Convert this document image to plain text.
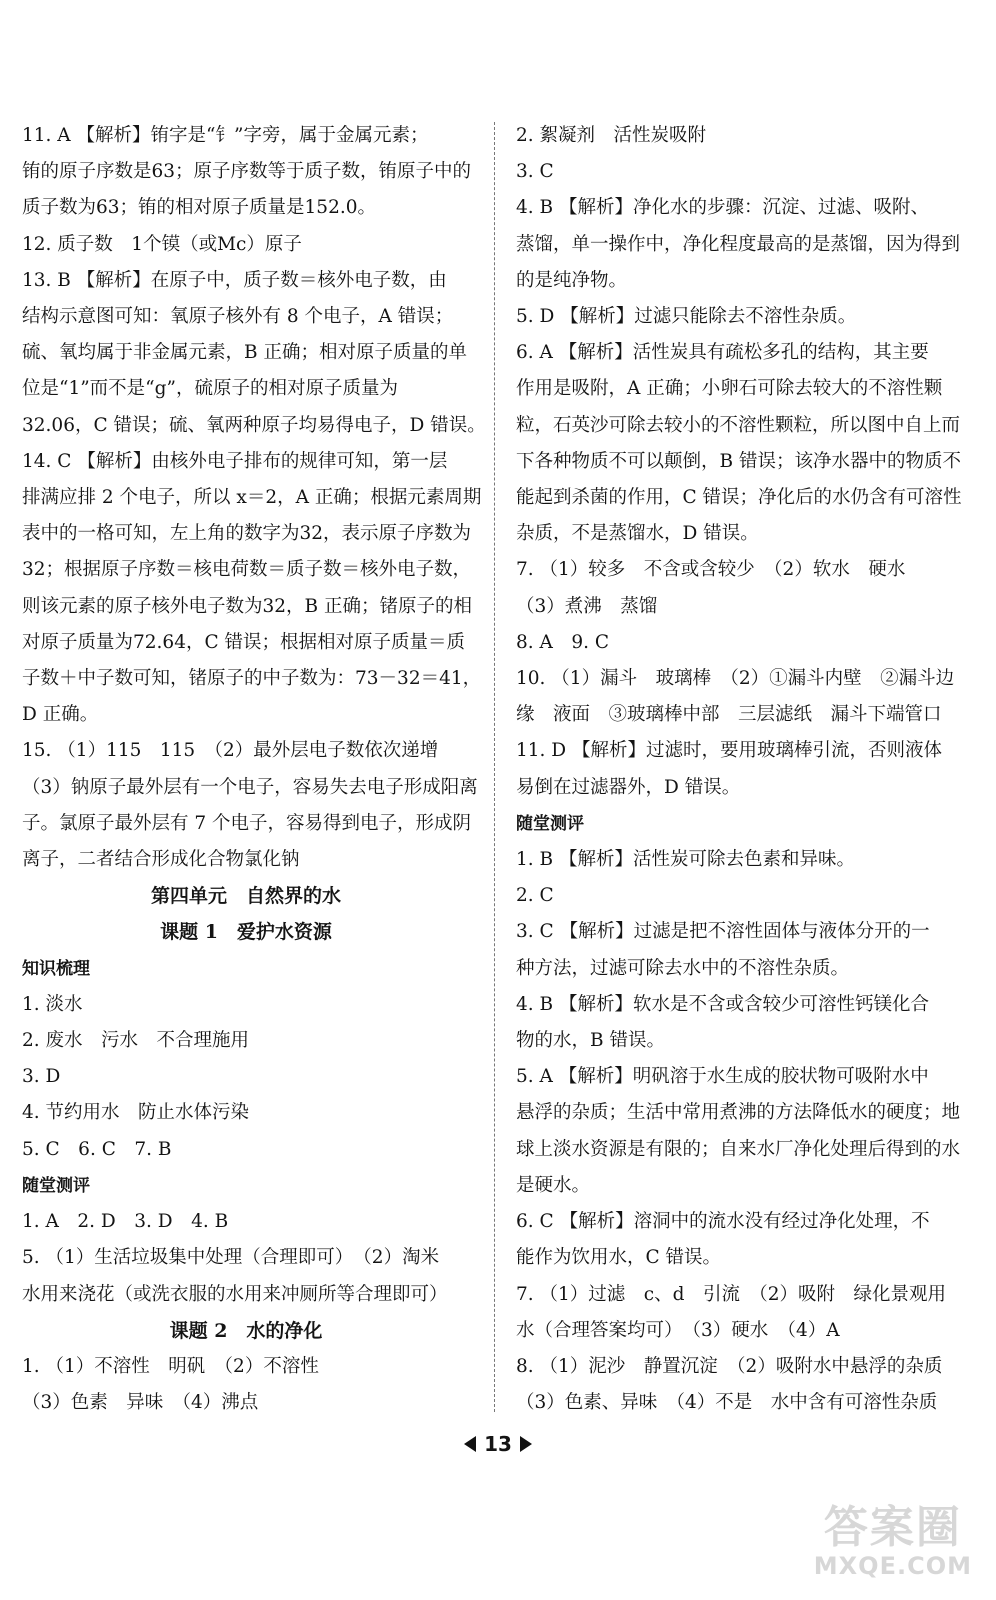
11. A 【解析】铕字是“钅”字旁，属于金属元素；

铕的原子序数是63；原子序数等于质子数，铕原子中的

质子数为63；铕的相对原子质量是152.0。

12. 质子数　1个镆（或Mc）原子

13. B 【解析】在原子中，质子数＝核外电子数，由

结构示意图可知：氧原子核外有 8 个电子，A 错误；

硫、氧均属于非金属元素，B 正确；相对原子质量的单

位是“1”而不是“g”，硫原子的相对原子质量为

32.06，C 错误；硫、氧两种原子均易得电子，D 错误。

14. C 【解析】由核外电子排布的规律可知，第一层

排满应排 2 个电子，所以 x＝2，A 正确；根据元素周期

表中的一格可知，左上角的数字为32，表示原子序数为

32；根据原子序数＝核电荷数＝质子数＝核外电子数，

则该元素的原子核外电子数为32，B 正确；锗原子的相

对原子质量为72.64，C 错误；根据相对原子质量＝质

子数＋中子数可知，锗原子的中子数为：73－32＝41，

D 正确。

15. （1）115　115　（2）最外层电子数依次递增

（3）钠原子最外层有一个电子，容易失去电子形成阳离

子。氯原子最外层有 7 个电子，容易得到电子，形成阴

离子，二者结合形成化合物氯化钠

第四单元　自然界的水

课题 1　爱护水资源

知识梳理

1. 淡水

2. 废水　污水　不合理施用

3. D

4. 节约用水　防止水体污染

5. C　6. C　7. B

随堂测评

1. A　2. D　3. D　4. B

5. （1）生活垃圾集中处理（合理即可）　（2）淘米

水用来浇花（或洗衣服的水用来冲厕所等合理即可）

课题 2　水的净化

1. （1）不溶性　明矾　（2）不溶性

（3）色素　异味　（4）沸点

2. 絮凝剂　活性炭吸附

3. C

4. B 【解析】净化水的步骤：沉淀、过滤、吸附、

蒸馏，单一操作中，净化程度最高的是蒸馏，因为得到

的是纯净物。

5. D 【解析】过滤只能除去不溶性杂质。

6. A 【解析】活性炭具有疏松多孔的结构，其主要

作用是吸附，A 正确；小卵石可除去较大的不溶性颗

粒，石英沙可除去较小的不溶性颗粒，所以图中自上而

下各种物质不可以颠倒，B 错误；该净水器中的物质不

能起到杀菌的作用，C 错误；净化后的水仍含有可溶性

杂质，不是蒸馏水，D 错误。

7. （1）较多　不含或含较少　（2）软水　硬水

（3）煮沸　蒸馏

8. A　9. C

10. （1）漏斗　玻璃棒　（2）①漏斗内壁　②漏斗边

缘　液面　③玻璃棒中部　三层滤纸　漏斗下端管口

11. D 【解析】过滤时，要用玻璃棒引流，否则液体

易倒在过滤器外，D 错误。

随堂测评

1. B 【解析】活性炭可除去色素和异味。

2. C

3. C 【解析】过滤是把不溶性固体与液体分开的一

种方法，过滤可除去水中的不溶性杂质。

4. B 【解析】软水是不含或含较少可溶性钙镁化合

物的水，B 错误。

5. A 【解析】明矾溶于水生成的胶状物可吸附水中

悬浮的杂质；生活中常用煮沸的方法降低水的硬度；地

球上淡水资源是有限的；自来水厂净化处理后得到的水

是硬水。

6. C 【解析】溶洞中的流水没有经过净化处理，不

能作为饮用水，C 错误。

7. （1）过滤　c、d　引流　（2）吸附　绿化景观用

水（合理答案均可）　（3）硬水　（4）A

8. （1）泥沙　静置沉淀　（2）吸附水中悬浮的杂质

（3）色素、异味　（4）不是　水中含有可溶性杂质

13
答案圈
MXQE.COM
